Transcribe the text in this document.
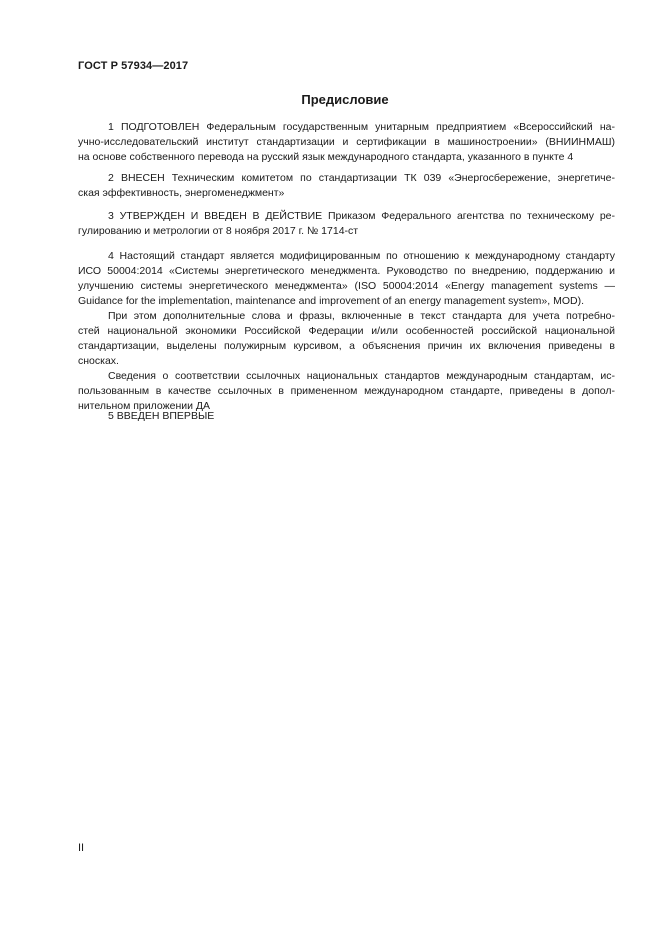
ГОСТ Р 57934—2017
Предисловие
1 ПОДГОТОВЛЕН Федеральным государственным унитарным предприятием «Всероссийский на-
учно-исследовательский институт стандартизации и сертификации в машиностроении» (ВНИИНМАШ)
на основе собственного перевода на русский язык международного стандарта, указанного в пункте 4
2 ВНЕСЕН Техническим комитетом по стандартизации ТК 039 «Энергосбережение, энергетиче-
ская эффективность, энергоменеджмент»
3 УТВЕРЖДЕН И ВВЕДЕН В ДЕЙСТВИЕ Приказом Федерального агентства по техническому ре-
гулированию и метрологии от 8 ноября 2017 г. № 1714-ст
4 Настоящий стандарт является модифицированным по отношению к международному стандарту
ИСО 50004:2014 «Системы энергетического менеджмента. Руководство по внедрению, поддержанию и
улучшению системы энергетического менеджмента» (ISO 50004:2014 «Energy management systems —
Guidance for the implementation, maintenance and improvement of an energy management system», MOD).
При этом дополнительные слова и фразы, включенные в текст стандарта для учета потребно-
стей национальной экономики Российской Федерации и/или особенностей российской национальной
стандартизации, выделены полужирным курсивом, а объяснения причин их включения приведены в
сносках.
Сведения о соответствии ссылочных национальных стандартов международным стандартам, ис-
пользованным в качестве ссылочных в примененном международном стандарте, приведены в допол-
нительном приложении ДА
5 ВВЕДЕН ВПЕРВЫЕ
II
